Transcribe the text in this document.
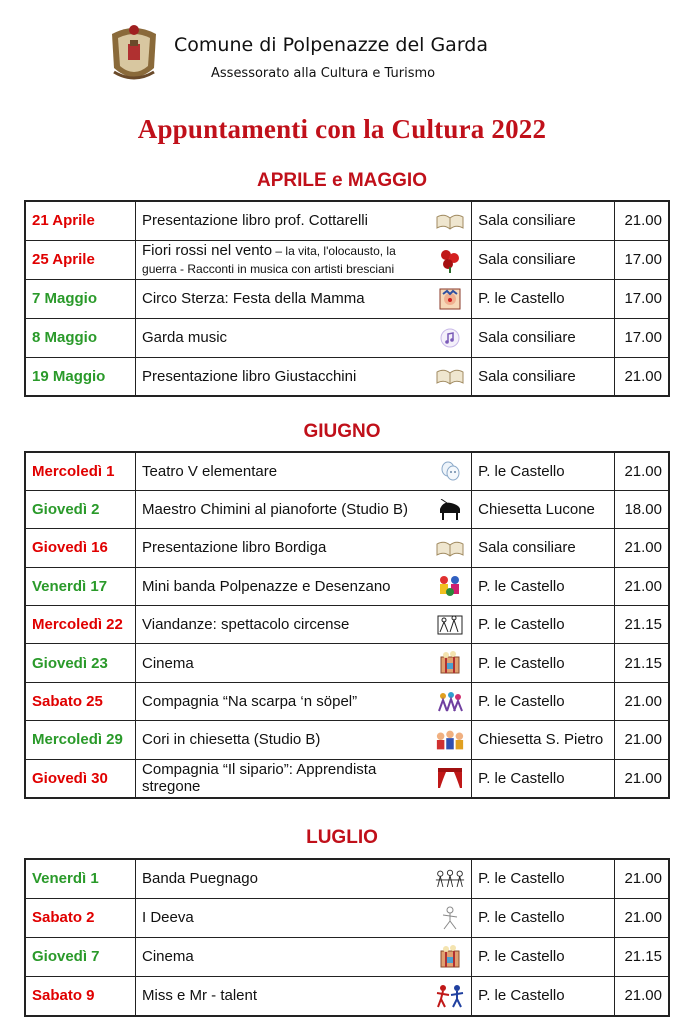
Comune di Polpenazze del Garda
Assessorato alla Cultura e Turismo
Appuntamenti con la Cultura 2022
APRILE e MAGGIO
21 Aprile	Presentazione libro prof. Cottarelli	Sala consiliare	21.00
25 Aprile	Fiori rossi nel vento – la vita, l'olocausto, la guerra - Racconti in musica con artisti bresciani	Sala consiliare	17.00
7 Maggio	Circo Sterza: Festa della Mamma	P. le Castello	17.00
8 Maggio	Garda music	Sala consiliare	17.00
19 Maggio	Presentazione libro Giustacchini	Sala consiliare	21.00
GIUGNO
Mercoledì 1	Teatro V elementare	P. le Castello	21.00
Giovedì 2	Maestro Chimini al pianoforte (Studio B)	Chiesetta Lucone	18.00
Giovedì 16	Presentazione libro Bordiga	Sala consiliare	21.00
Venerdì 17	Mini banda Polpenazze e Desenzano	P. le Castello	21.00
Mercoledì 22	Viandanze: spettacolo circense	P. le Castello	21.15
Giovedì 23	Cinema	P. le Castello	21.15
Sabato 25	Compagnia “Na scarpa ‘n söpel”	P. le Castello	21.00
Mercoledì 29	Cori in chiesetta (Studio B)	Chiesetta S. Pietro	21.00
Giovedì 30	Compagnia “Il sipario”: Apprendista stregone	P. le Castello	21.00
LUGLIO
Venerdì 1	Banda Puegnago	P. le Castello	21.00
Sabato 2	I Deeva	P. le Castello	21.00
Giovedì 7	Cinema	P. le Castello	21.15
Sabato 9	Miss e Mr - talent	P. le Castello	21.00
